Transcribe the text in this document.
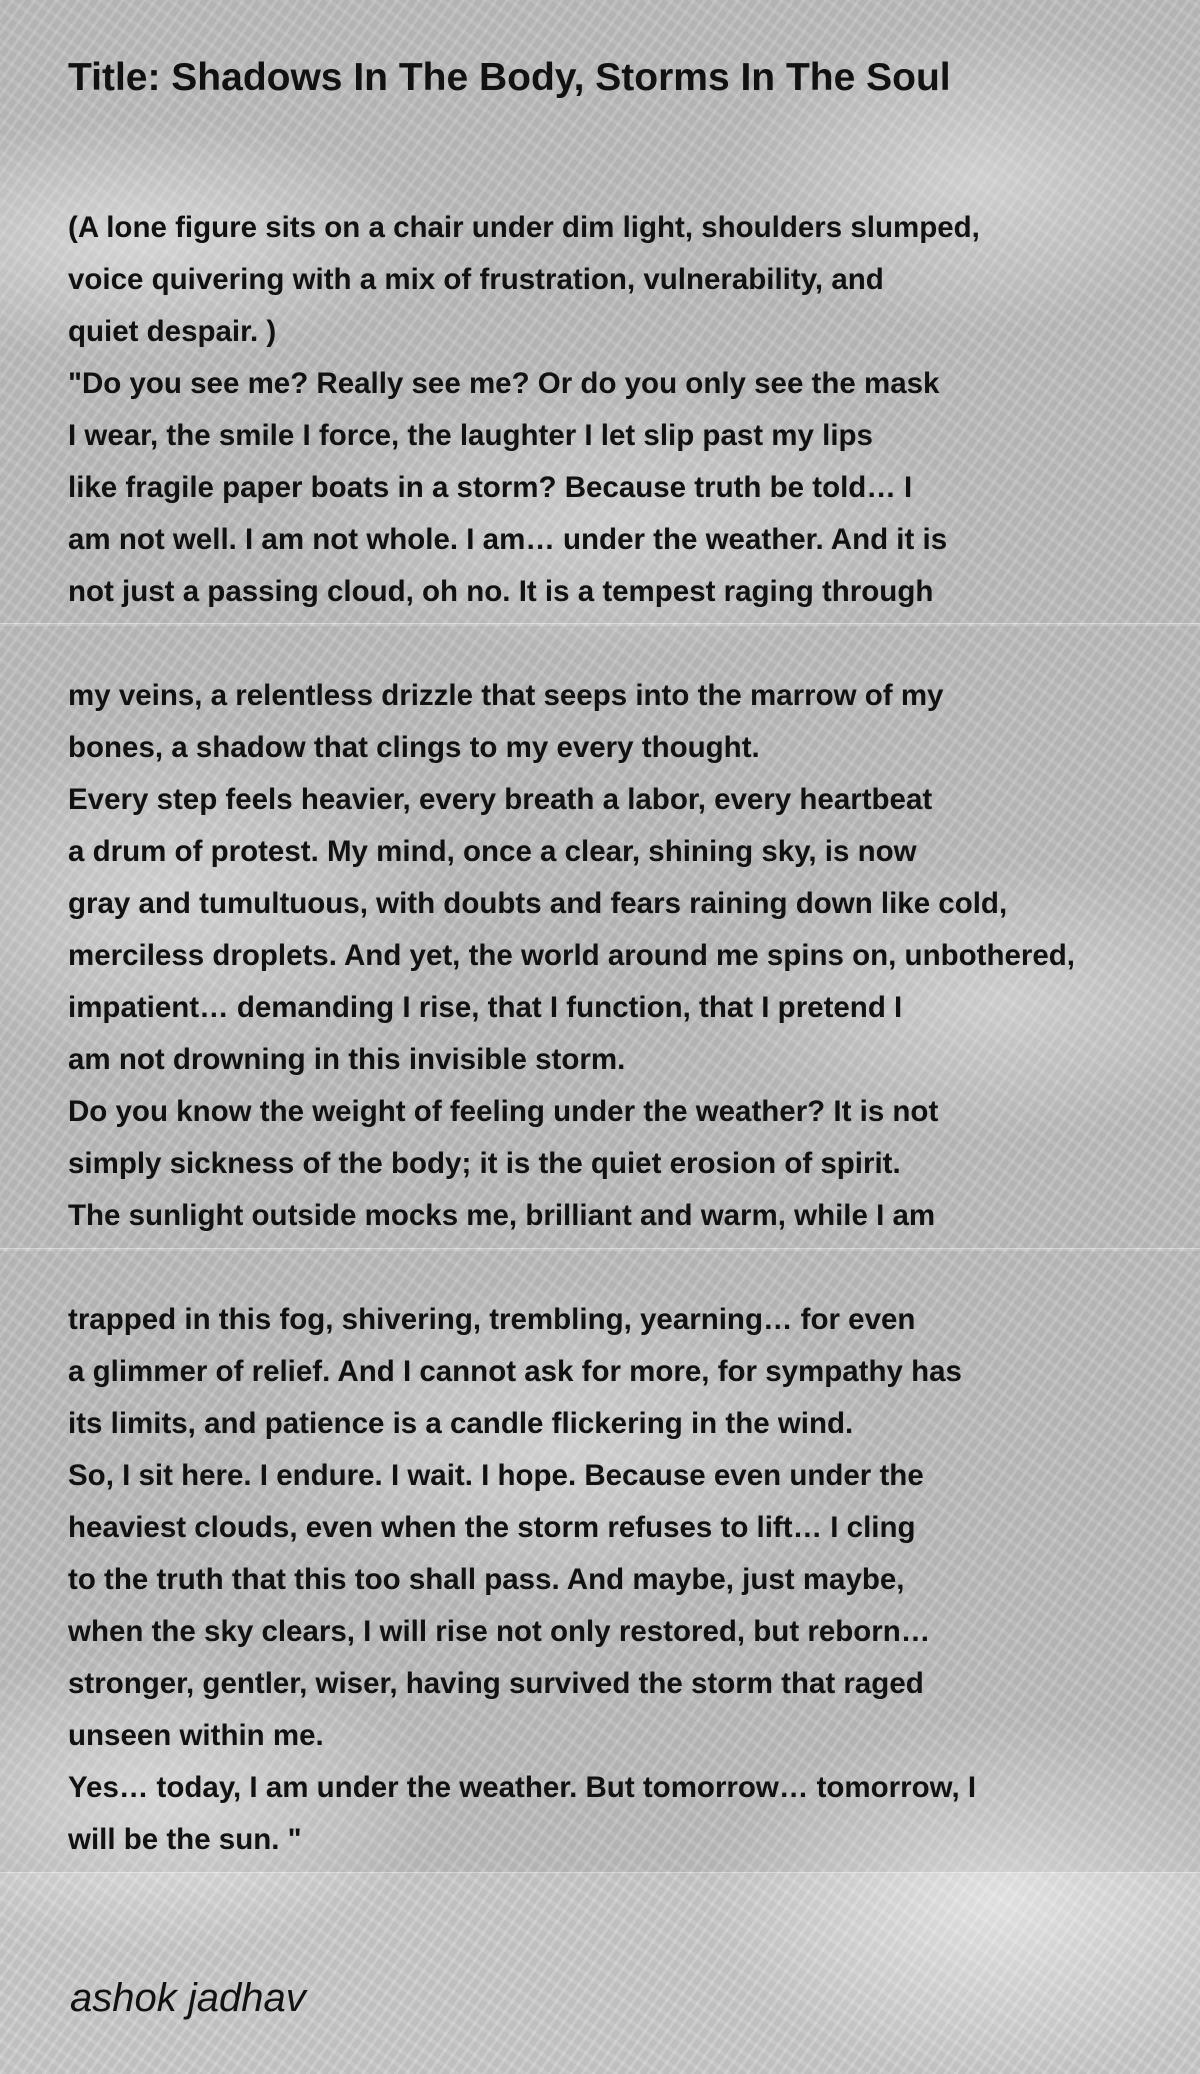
Title: Shadows In The Body, Storms In The Soul
(A lone figure sits on a chair under dim light, shoulders slumped,
voice quivering with a mix of frustration, vulnerability, and
quiet despair. )
"Do you see me? Really see me? Or do you only see the mask
I wear, the smile I force, the laughter I let slip past my lips
like fragile paper boats in a storm? Because truth be told… I
am not well. I am not whole. I am… under the weather. And it is
not just a passing cloud, oh no. It is a tempest raging through
my veins, a relentless drizzle that seeps into the marrow of my
bones, a shadow that clings to my every thought.
Every step feels heavier, every breath a labor, every heartbeat
a drum of protest. My mind, once a clear, shining sky, is now
gray and tumultuous, with doubts and fears raining down like cold,
merciless droplets. And yet, the world around me spins on, unbothered,
impatient… demanding I rise, that I function, that I pretend I
am not drowning in this invisible storm.
Do you know the weight of feeling under the weather? It is not
simply sickness of the body; it is the quiet erosion of spirit.
The sunlight outside mocks me, brilliant and warm, while I am
trapped in this fog, shivering, trembling, yearning… for even
a glimmer of relief. And I cannot ask for more, for sympathy has
its limits, and patience is a candle flickering in the wind.
So, I sit here. I endure. I wait. I hope. Because even under the
heaviest clouds, even when the storm refuses to lift… I cling
to the truth that this too shall pass. And maybe, just maybe,
when the sky clears, I will rise not only restored, but reborn…
stronger, gentler, wiser, having survived the storm that raged
unseen within me.
Yes… today, I am under the weather. But tomorrow… tomorrow, I
will be the sun. "

ashok jadhav
